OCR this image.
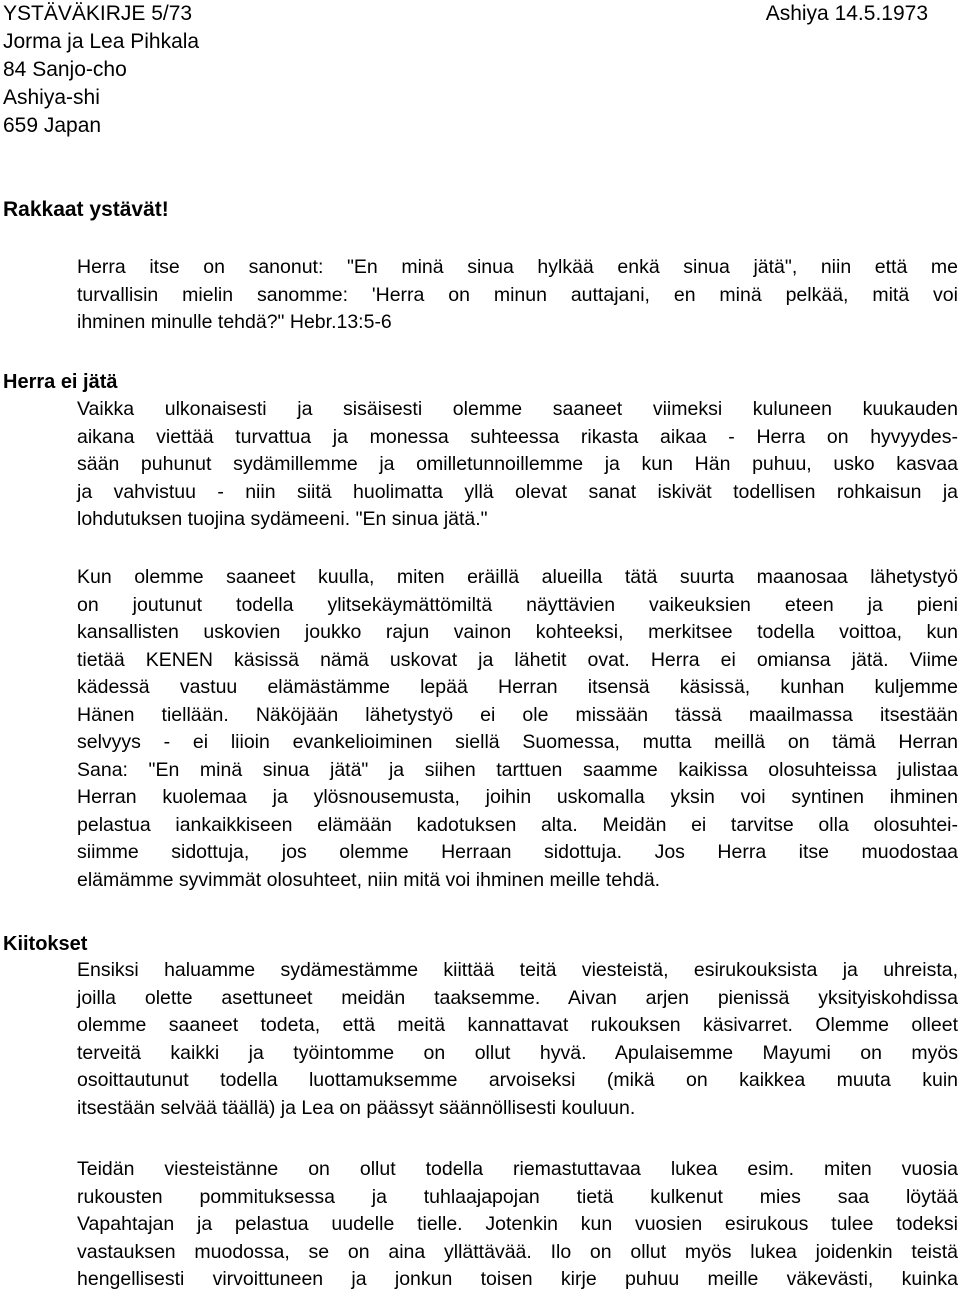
YSTÄVÄKIRJE 5/73	Ashiya 14.5.1973
Jorma ja Lea Pihkala
84 Sanjo-cho
Ashiya-shi
659 Japan
Rakkaat ystävät!
Herra itse on sanonut: "En minä sinua hylkää enkä sinua jätä", niin että me
turvallisin mielin sanomme: 'Herra on minun auttajani, en minä pelkää, mitä voi
ihminen minulle tehdä?" Hebr.13:5-6
Herra ei jätä
Vaikka ulkonaisesti ja sisäisesti olemme saaneet viimeksi kuluneen kuukauden
aikana viettää turvattua ja monessa suhteessa rikasta aikaa - Herra on hyvyydes-
sään puhunut sydämillemme ja omilletunnoillemme ja kun Hän puhuu, usko kasvaa
ja vahvistuu - niin siitä huolimatta yllä olevat sanat iskivät todellisen rohkaisun ja
lohdutuksen tuojina sydämeeni. "En sinua jätä."
Kun olemme saaneet kuulla, miten eräillä alueilla tätä suurta maanosaa lähetystyö
on joutunut todella ylitsekäymättömiltä näyttävien vaikeuksien eteen ja pieni
kansallisten uskovien joukko rajun vainon kohteeksi, merkitsee todella voittoa, kun
tietää KENEN käsissä nämä uskovat ja lähetit ovat. Herra ei omiansa jätä. Viime
kädessä vastuu elämästämme lepää Herran itsensä käsissä, kunhan kuljemme
Hänen tiellään. Näköjään lähetystyö ei ole missään tässä maailmassa itsestään
selvyys - ei liioin evankelioiminen siellä Suomessa, mutta meillä on tämä Herran
Sana: "En minä sinua jätä" ja siihen tarttuen saamme kaikissa olosuhteissa julistaa
Herran kuolemaa ja ylösnousemusta, joihin uskomalla yksin voi syntinen ihminen
pelastua iankaikkiseen elämään kadotuksen alta. Meidän ei tarvitse olla olosuhtei-
siimme sidottuja, jos olemme Herraan sidottuja. Jos Herra itse muodostaa
elämämme syvimmät olosuhteet, niin mitä voi ihminen meille tehdä.
Kiitokset
Ensiksi haluamme sydämestämme kiittää teitä viesteistä, esirukouksista ja uhreista,
joilla olette asettuneet meidän taaksemme. Aivan arjen pienissä yksityiskohdissa
olemme saaneet todeta, että meitä kannattavat rukouksen käsivarret. Olemme olleet
terveitä kaikki ja työintomme on ollut hyvä. Apulaisemme Mayumi on myös
osoittautunut todella luottamuksemme arvoiseksi (mikä on kaikkea muuta kuin
itsestään selvää täällä) ja Lea on päässyt säännöllisesti kouluun.
Teidän viesteistänne on ollut todella riemastuttavaa lukea esim. miten vuosia
rukousten pommituksessa ja tuhlaajapojan tietä kulkenut mies saa löytää
Vapahtajan ja pelastua uudelle tielle. Jotenkin kun vuosien esirukous tulee todeksi
vastauksen muodossa, se on aina yllättävää. Ilo on ollut myös lukea joidenkin teistä
hengellisesti virvoittuneen ja jonkun toisen kirje puhuu meille väkevästi, kuinka
